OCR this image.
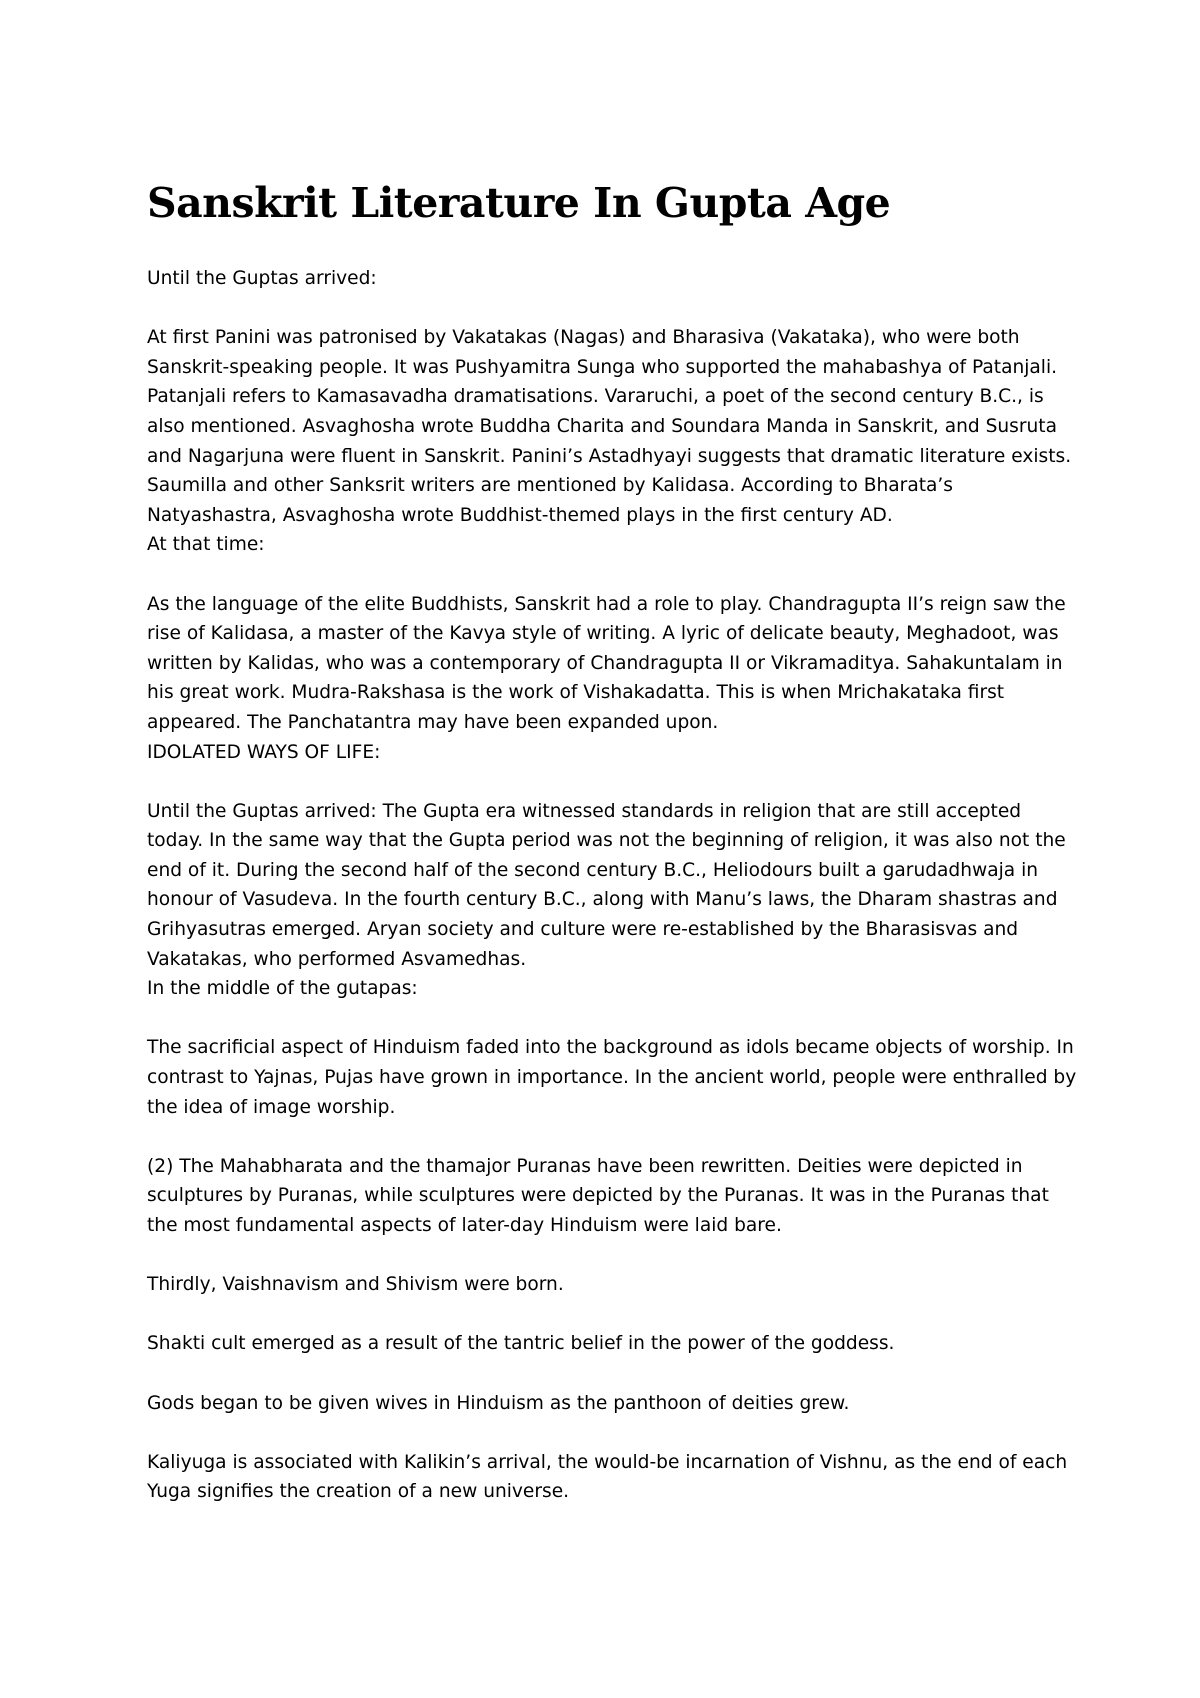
Sanskrit Literature In Gupta Age

Until the Guptas arrived:

At first Panini was patronised by Vakatakas (Nagas) and Bharasiva (Vakataka), who were both Sanskrit-speaking people. It was Pushyamitra Sunga who supported the mahabashya of Patanjali. Patanjali refers to Kamasavadha dramatisations. Vararuchi, a poet of the second century B.C., is also mentioned. Asvaghosha wrote Buddha Charita and Soundara Manda in Sanskrit, and Susruta and Nagarjuna were fluent in Sanskrit. Panini’s Astadhyayi suggests that dramatic literature exists. Saumilla and other Sanksrit writers are mentioned by Kalidasa. According to Bharata’s Natyashastra, Asvaghosha wrote Buddhist-themed plays in the first century AD.

At that time:

As the language of the elite Buddhists, Sanskrit had a role to play. Chandragupta II’s reign saw the rise of Kalidasa, a master of the Kavya style of writing. A lyric of delicate beauty, Meghadoot, was written by Kalidas, who was a contemporary of Chandragupta II or Vikramaditya. Sahakuntalam in his great work. Mudra-Rakshasa is the work of Vishakadatta. This is when Mrichakataka first appeared. The Panchatantra may have been expanded upon.

IDOLATED WAYS OF LIFE:

Until the Guptas arrived: The Gupta era witnessed standards in religion that are still accepted today. In the same way that the Gupta period was not the beginning of religion, it was also not the end of it. During the second half of the second century B.C., Heliodours built a garudadhwaja in honour of Vasudeva. In the fourth century B.C., along with Manu’s laws, the Dharam shastras and Grihyasutras emerged. Aryan society and culture were re-established by the Bharasisvas and Vakatakas, who performed Asvamedhas.

In the middle of the gutapas:

The sacrificial aspect of Hinduism faded into the background as idols became objects of worship. In contrast to Yajnas, Pujas have grown in importance. In the ancient world, people were enthralled by the idea of image worship.

(2) The Mahabharata and the thamajor Puranas have been rewritten. Deities were depicted in sculptures by Puranas, while sculptures were depicted by the Puranas. It was in the Puranas that the most fundamental aspects of later-day Hinduism were laid bare.

Thirdly, Vaishnavism and Shivism were born.

Shakti cult emerged as a result of the tantric belief in the power of the goddess.

Gods began to be given wives in Hinduism as the panthoon of deities grew.

Kaliyuga is associated with Kalikin’s arrival, the would-be incarnation of Vishnu, as the end of each Yuga signifies the creation of a new universe.
